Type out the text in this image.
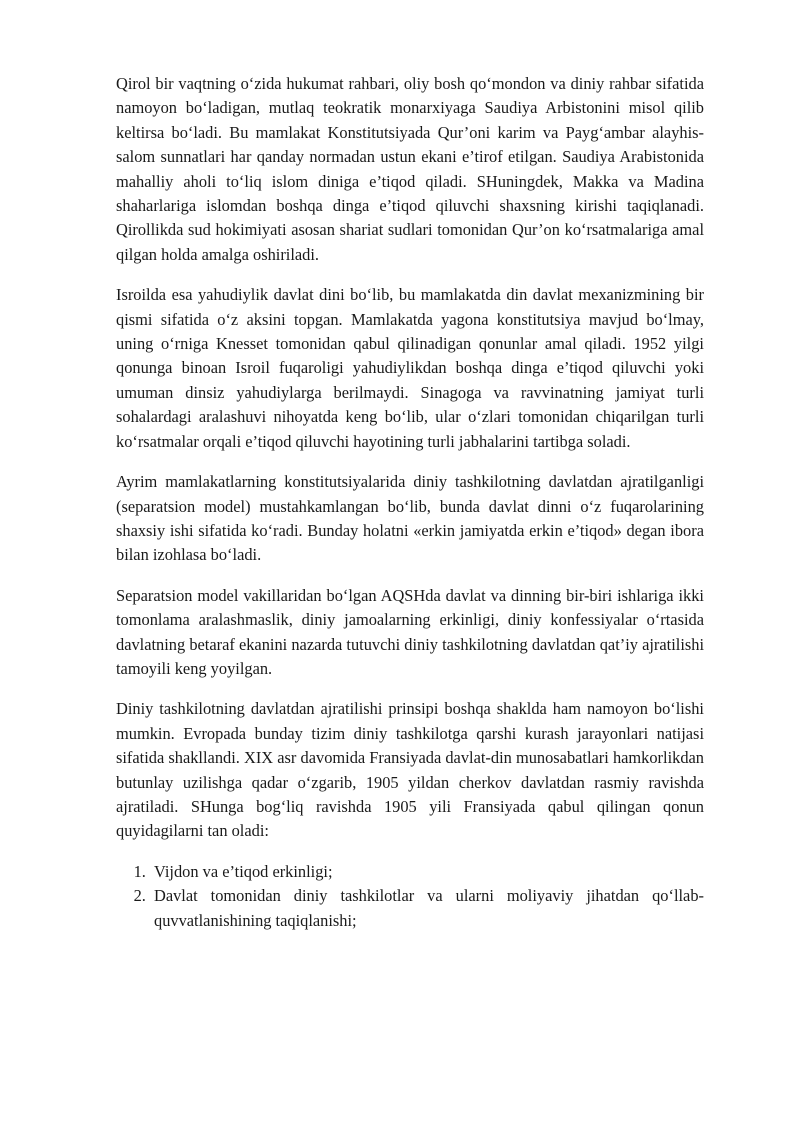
Qirol bir vaqtning o‘zida hukumat rahbari, oliy bosh qo‘mondon va diniy rahbar sifatida namoyon bo‘ladigan, mutlaq teokratik monarxiyaga Saudiya Arbistonini misol qilib keltirsa bo‘ladi. Bu mamlakat Konstitutsiyada Qur’oni karim va Payg‘ambar alayhis-salom sunnatlari har qanday normadan ustun ekani e’tirof etilgan. Saudiya Arabistonida mahalliy aholi to‘liq islom diniga e’tiqod qiladi. SHuningdek, Makka va Madina shaharlariga islomdan boshqa dinga e’tiqod qiluvchi shaxsning kirishi taqiqlanadi. Qirollikda sud hokimiyati asosan shariat sudlari tomonidan Qur’on ko‘rsatmalariga amal qilgan holda amalga oshiriladi.

Isroilda esa yahudiylik davlat dini bo‘lib, bu mamlakatda din davlat mexanizmining bir qismi sifatida o‘z aksini topgan. Mamlakatda yagona konstitutsiya mavjud bo‘lmay, uning o‘rniga Knesset tomonidan qabul qilinadigan qonunlar amal qiladi. 1952 yilgi qonunga binoan Isroil fuqaroligi yahudiylikdan boshqa dinga e’tiqod qiluvchi yoki umuman dinsiz yahudiylarga berilmaydi. Sinagoga va ravvinatning jamiyat turli sohalardagi aralashuvi nihoyatda keng bo‘lib, ular o‘zlari tomonidan chiqarilgan turli ko‘rsatmalar orqali e’tiqod qiluvchi hayotining turli jabhalarini tartibga soladi.

Ayrim mamlakatlarning konstitutsiyalarida diniy tashkilotning davlatdan ajratilganligi (separatsion model) mustahkamlangan bo‘lib, bunda davlat dinni o‘z fuqarolarining shaxsiy ishi sifatida ko‘radi. Bunday holatni «erkin jamiyatda erkin e’tiqod» degan ibora bilan izohlasa bo‘ladi.

Separatsion model vakillaridan bo‘lgan AQSHda davlat va dinning bir-biri ishlariga ikki tomonlama aralashmaslik, diniy jamoalarning erkinligi, diniy konfessiyalar o‘rtasida davlatning betaraf ekanini nazarda tutuvchi diniy tashkilotning davlatdan qat’iy ajratilishi tamoyili keng yoyilgan.

Diniy tashkilotning davlatdan ajratilishi prinsipi boshqa shaklda ham namoyon bo‘lishi mumkin. Evropada bunday tizim diniy tashkilotga qarshi kurash jarayonlari natijasi sifatida shakllandi. XIX asr davomida Fransiyada davlat-din munosabatlari hamkorlikdan butunlay uzilishga qadar o‘zgarib, 1905 yildan cherkov davlatdan rasmiy ravishda ajratiladi. SHunga bog‘liq ravishda 1905 yili Fransiyada qabul qilingan qonun quyidagilarni tan oladi:

1. Vijdon va e’tiqod erkinligi;
2. Davlat tomonidan diniy tashkilotlar va ularni moliyaviy jihatdan qo‘llab-quvvatlanishining taqiqlanishi;
